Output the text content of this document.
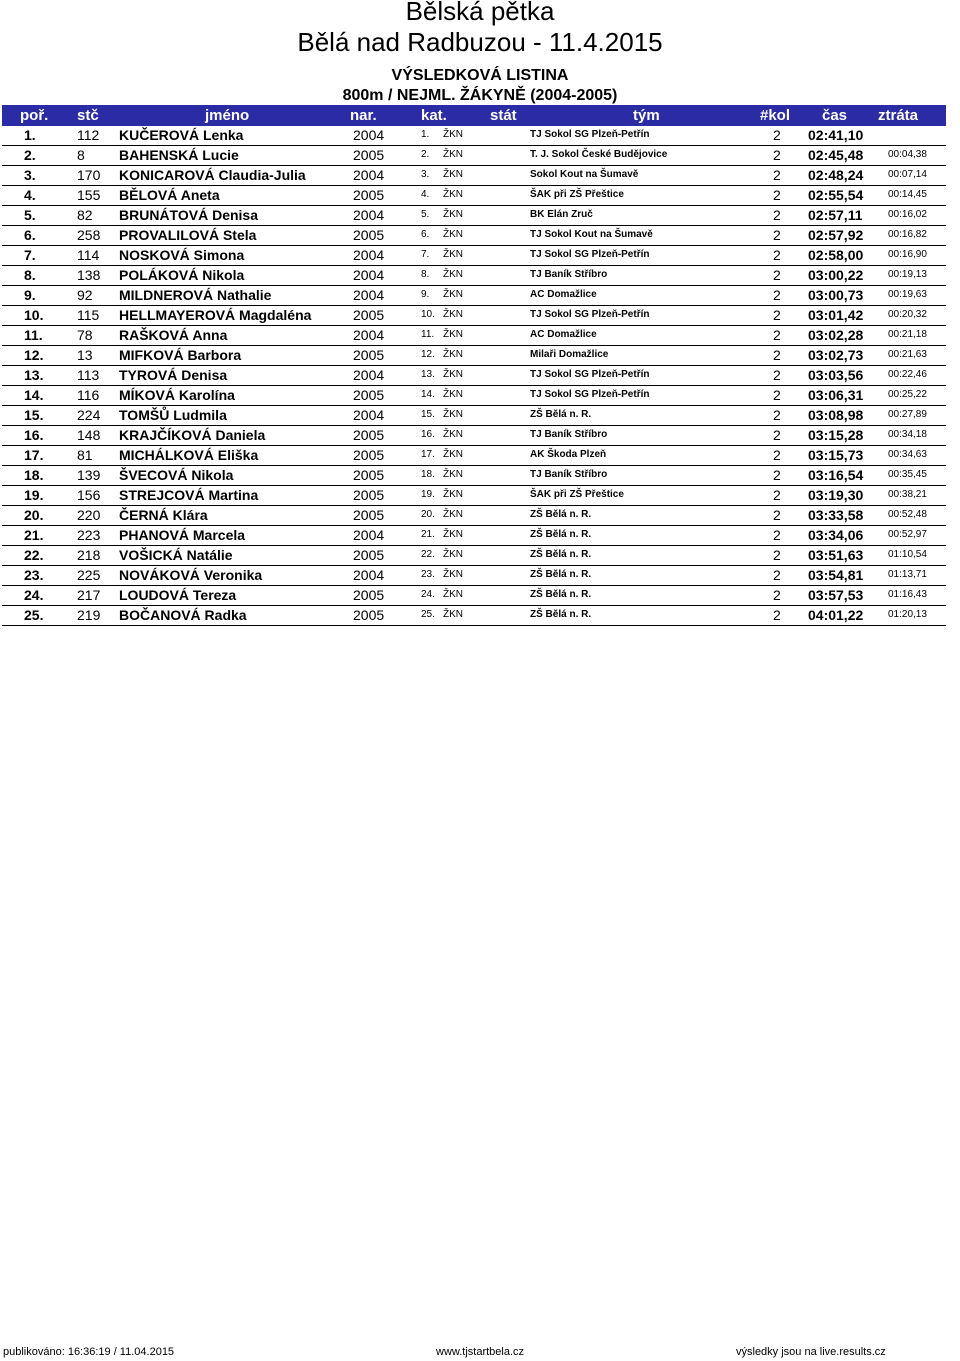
Bělská pětka
Bělá nad Radbuzou - 11.4.2015
VÝSLEDKOVÁ LISTINA
800m / NEJML. ŽÁKYNĚ (2004-2005)
poř. stč	jméno	nar.	kat.	stát	tým	#kol čas ztráta
1.	112 KUČEROVÁ Lenka	2004	1. ŽKN	TJ Sokol SG Plzeň-Petřín	2 02:41,10
2.	8 BAHENSKÁ Lucie	2005	2. ŽKN	T. J. Sokol České Budějovice	2 02:45,48 00:04,38
3.	170 KONICAROVÁ Claudia-Julia	2004	3. ŽKN	Sokol Kout na Šumavě	2 02:48,24 00:07,14
4.	155 BĚLOVÁ Aneta	2005	4. ŽKN	ŠAK při ZŠ Přeštice	2 02:55,54 00:14,45
5.	82 BRUNÁTOVÁ Denisa	2004	5. ŽKN	BK Elán Zruč	2 02:57,11	00:16,02
6.	258 PROVALILOVÁ Stela	2005	6. ŽKN	TJ Sokol Kout na Šumavě	2 02:57,92 00:16,82
7.	114 NOSKOVÁ Simona	2004	7. ŽKN	TJ Sokol SG Plzeň-Petřín	2 02:58,00 00:16,90
8.	138 POLÁKOVÁ Nikola	2004	8. ŽKN	TJ Baník Stříbro	2 03:00,22 00:19,13
9.	92 MILDNEROVÁ Nathalie	2004	9. ŽKN	AC Domažlice	2 03:00,73 00:19,63
10. 115 HELLMAYEROVÁ Magdaléna	2005	10. ŽKN	TJ Sokol SG Plzeň-Petřín	2 03:01,42 00:20,32
11. 78 RAŠKOVÁ Anna	2004	11. ŽKN	AC Domažlice	2 03:02,28 00:21,18
12. 13 MIFKOVÁ Barbora	2005	12. ŽKN	Milaři Domažlice	2 03:02,73 00:21,63
13. 113 TYROVÁ Denisa	2004	13. ŽKN	TJ Sokol SG Plzeň-Petřín	2 03:03,56 00:22,46
14. 116 MÍKOVÁ Karolína	2005	14. ŽKN	TJ Sokol SG Plzeň-Petřín	2 03:06,31 00:25,22
15. 224 TOMŠŮ Ludmila	2004	15. ŽKN	ZŠ Bělá n. R.	2 03:08,98 00:27,89
16. 148 KRAJČÍKOVÁ Daniela	2005	16. ŽKN	TJ Baník Stříbro	2 03:15,28 00:34,18
17. 81 MICHÁLKOVÁ Eliška	2005	17. ŽKN	AK Škoda Plzeň	2 03:15,73 00:34,63
18. 139 ŠVECOVÁ Nikola	2005	18. ŽKN	TJ Baník Stříbro	2 03:16,54 00:35,45
19. 156 STREJCOVÁ Martina	2005	19. ŽKN	ŠAK při ZŠ Přeštice	2 03:19,30 00:38,21
20. 220 ČERNÁ Klára	2005	20. ŽKN	ZŠ Bělá n. R.	2 03:33,58 00:52,48
21. 223 PHANOVÁ Marcela	2004	21. ŽKN	ZŠ Bělá n. R.	2 03:34,06 00:52,97
22. 218 VOŠICKÁ Natálie	2005	22. ŽKN	ZŠ Bělá n. R.	2 03:51,63 01:10,54
23. 225 NOVÁKOVÁ Veronika	2004	23. ŽKN	ZŠ Bělá n. R.	2 03:54,81 01:13,71
24. 217 LOUDOVÁ Tereza	2005	24. ŽKN	ZŠ Bělá n. R.	2 03:57,53 01:16,43
25. 219 BOČANOVÁ Radka	2005	25. ŽKN	ZŠ Bělá n. R.	2 04:01,22 01:20,13
publikováno: 16:36:19 / 11.04.2015	www.tjstartbela.cz	výsledky jsou na live.results.cz
